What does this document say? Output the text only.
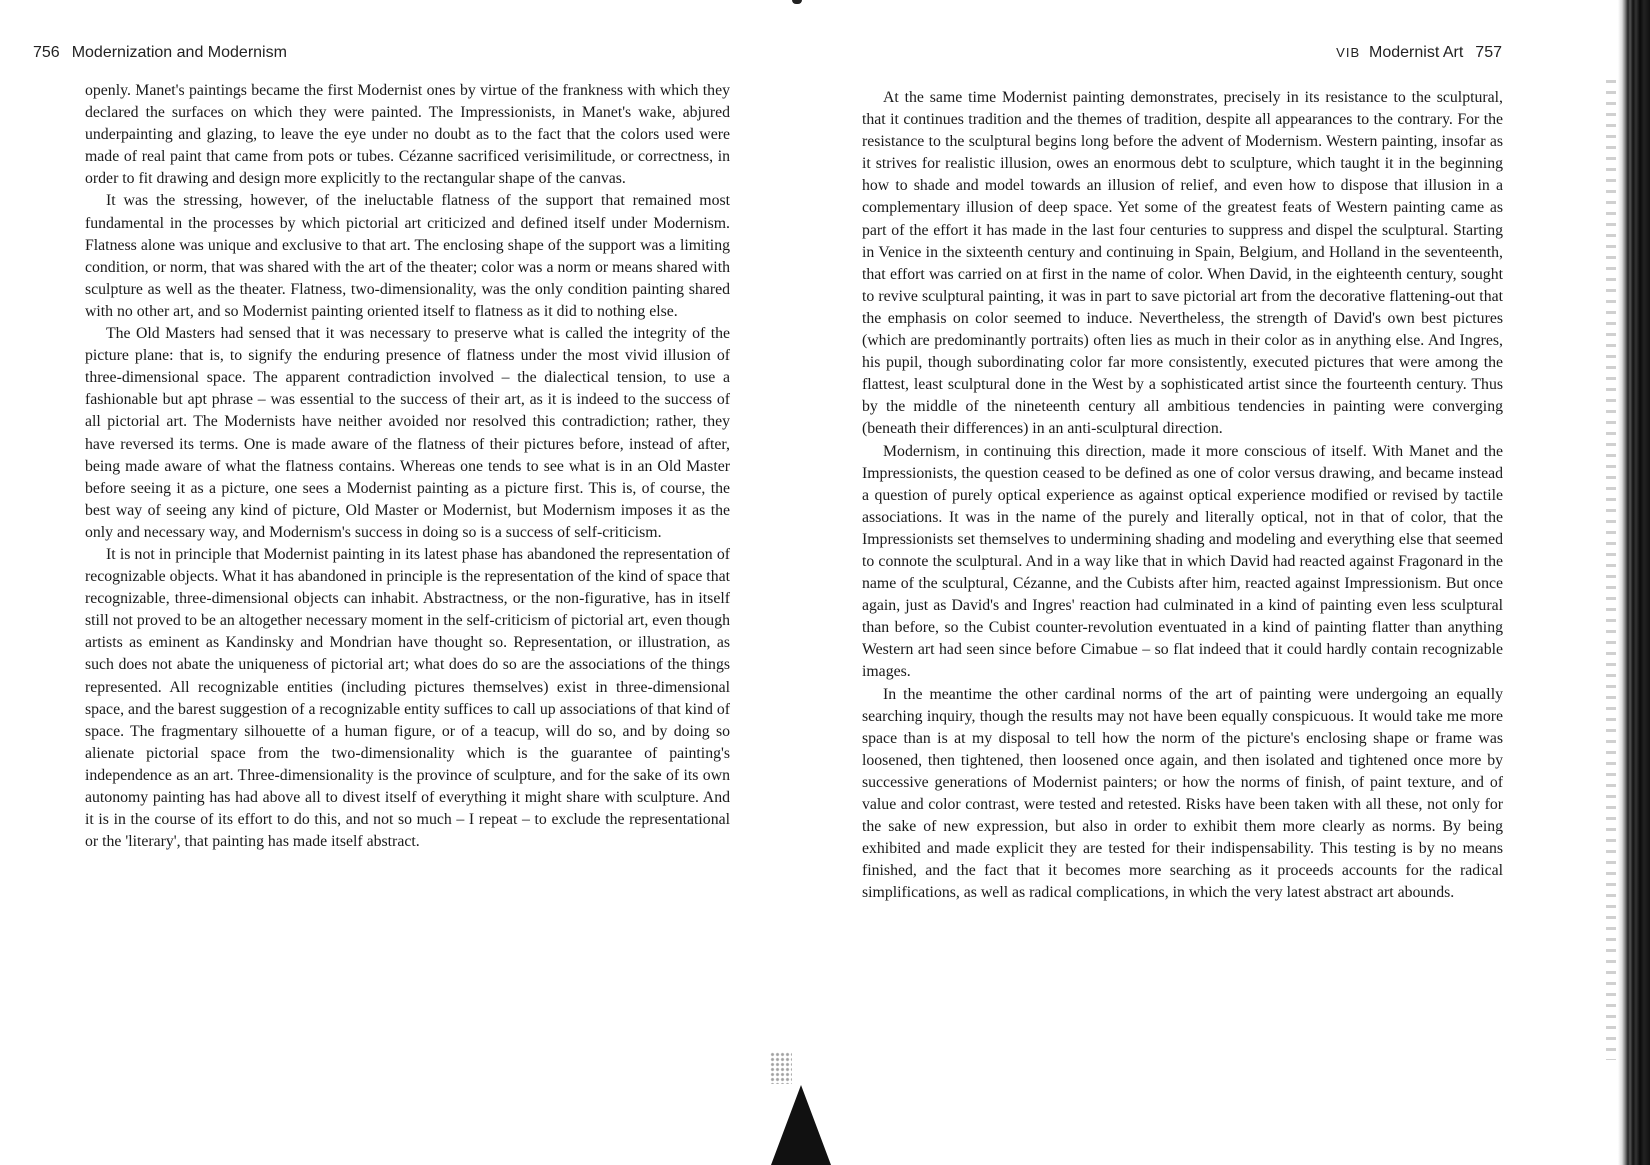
756 Modernization and Modernism

openly. Manet's paintings became the first Modernist ones by virtue of the frankness with which they declared the surfaces on which they were painted. The Impressionists, in Manet's wake, abjured underpainting and glazing, to leave the eye under no doubt as to the fact that the colors used were made of real paint that came from pots or tubes. Cézanne sacrificed verisimilitude, or correctness, in order to fit drawing and design more explicitly to the rectangular shape of the canvas.

It was the stressing, however, of the ineluctable flatness of the support that remained most fundamental in the processes by which pictorial art criticized and defined itself under Modernism. Flatness alone was unique and exclusive to that art. The enclosing shape of the support was a limiting condition, or norm, that was shared with the art of the theater; color was a norm or means shared with sculpture as well as the theater. Flatness, two-dimensionality, was the only condition painting shared with no other art, and so Modernist painting oriented itself to flatness as it did to nothing else.

The Old Masters had sensed that it was necessary to preserve what is called the integrity of the picture plane: that is, to signify the enduring presence of flatness under the most vivid illusion of three-dimensional space. The apparent contradiction involved – the dialectical tension, to use a fashionable but apt phrase – was essential to the success of their art, as it is indeed to the success of all pictorial art. The Modernists have neither avoided nor resolved this contradiction; rather, they have reversed its terms. One is made aware of the flatness of their pictures before, instead of after, being made aware of what the flatness contains. Whereas one tends to see what is in an Old Master before seeing it as a picture, one sees a Modernist painting as a picture first. This is, of course, the best way of seeing any kind of picture, Old Master or Modernist, but Modernism imposes it as the only and necessary way, and Modernism's success in doing so is a success of self-criticism.

It is not in principle that Modernist painting in its latest phase has abandoned the representation of recognizable objects. What it has abandoned in principle is the representation of the kind of space that recognizable, three-dimensional objects can inhabit. Abstractness, or the non-figurative, has in itself still not proved to be an altogether necessary moment in the self-criticism of pictorial art, even though artists as eminent as Kandinsky and Mondrian have thought so. Representation, or illustration, as such does not abate the uniqueness of pictorial art; what does do so are the associations of the things represented. All recognizable entities (including pictures themselves) exist in three-dimensional space, and the barest suggestion of a recognizable entity suffices to call up associations of that kind of space. The fragmentary silhouette of a human figure, or of a teacup, will do so, and by doing so alienate pictorial space from the two-dimensionality which is the guarantee of painting's independence as an art. Three-dimensionality is the province of sculpture, and for the sake of its own autonomy painting has had above all to divest itself of everything it might share with sculpture. And it is in the course of its effort to do this, and not so much – I repeat – to exclude the representational or the 'literary', that painting has made itself abstract.

VIB Modernist Art 757

At the same time Modernist painting demonstrates, precisely in its resistance to the sculptural, that it continues tradition and the themes of tradition, despite all appearances to the contrary. For the resistance to the sculptural begins long before the advent of Modernism. Western painting, insofar as it strives for realistic illusion, owes an enormous debt to sculpture, which taught it in the beginning how to shade and model towards an illusion of relief, and even how to dispose that illusion in a complementary illusion of deep space. Yet some of the greatest feats of Western painting came as part of the effort it has made in the last four centuries to suppress and dispel the sculptural. Starting in Venice in the sixteenth century and continuing in Spain, Belgium, and Holland in the seventeenth, that effort was carried on at first in the name of color. When David, in the eighteenth century, sought to revive sculptural painting, it was in part to save pictorial art from the decorative flattening-out that the emphasis on color seemed to induce. Nevertheless, the strength of David's own best pictures (which are predominantly portraits) often lies as much in their color as in anything else. And Ingres, his pupil, though subordinating color far more consistently, executed pictures that were among the flattest, least sculptural done in the West by a sophisticated artist since the fourteenth century. Thus by the middle of the nineteenth century all ambitious tendencies in painting were converging (beneath their differences) in an anti-sculptural direction.

Modernism, in continuing this direction, made it more conscious of itself. With Manet and the Impressionists, the question ceased to be defined as one of color versus drawing, and became instead a question of purely optical experience as against optical experience modified or revised by tactile associations. It was in the name of the purely and literally optical, not in that of color, that the Impressionists set themselves to undermining shading and modeling and everything else that seemed to connote the sculptural. And in a way like that in which David had reacted against Fragonard in the name of the sculptural, Cézanne, and the Cubists after him, reacted against Impressionism. But once again, just as David's and Ingres' reaction had culminated in a kind of painting even less sculptural than before, so the Cubist counter-revolution eventuated in a kind of painting flatter than anything Western art had seen since before Cimabue – so flat indeed that it could hardly contain recognizable images.

In the meantime the other cardinal norms of the art of painting were undergoing an equally searching inquiry, though the results may not have been equally conspicuous. It would take me more space than is at my disposal to tell how the norm of the picture's enclosing shape or frame was loosened, then tightened, then loosened once again, and then isolated and tightened once more by successive generations of Modernist painters; or how the norms of finish, of paint texture, and of value and color contrast, were tested and retested. Risks have been taken with all these, not only for the sake of new expression, but also in order to exhibit them more clearly as norms. By being exhibited and made explicit they are tested for their indispensability. This testing is by no means finished, and the fact that it becomes more searching as it proceeds accounts for the radical simplifications, as well as radical complications, in which the very latest abstract art abounds.
